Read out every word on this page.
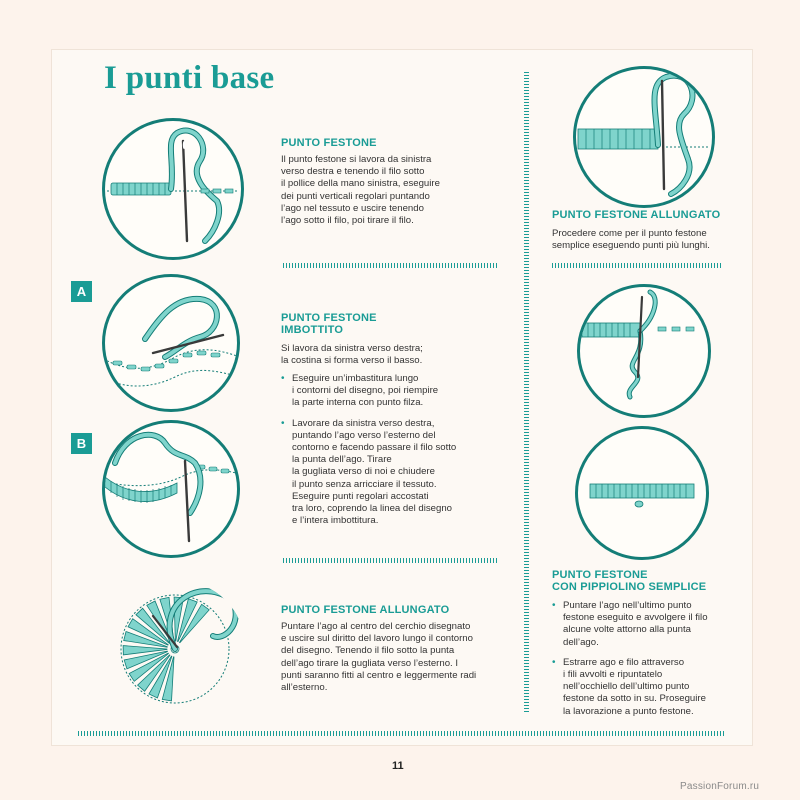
I punti base
PUNTO FESTONE
Il punto festone si lavora da sinistra
verso destra e tenendo il filo sotto
il pollice della mano sinistra, eseguire
dei punti verticali regolari puntando
l’ago nel tessuto e uscire tenendo
l’ago sotto il filo, poi tirare il filo.
A
PUNTO FESTONE
IMBOTTITO
Si lavora da sinistra verso destra;
la costina si forma verso il basso.
• Eseguire un’imbastitura lungo
i contorni del disegno, poi riempire
la parte interna con punto filza.
• Lavorare da sinistra verso destra,
puntando l’ago verso l’esterno del
contorno e facendo passare il filo sotto
la punta dell’ago. Tirare
la gugliata verso di noi e chiudere
il punto senza arricciare il tessuto.
Eseguire punti regolari accostati
tra loro, coprendo la linea del disegno
e l’intera imbottitura.
B
PUNTO FESTONE ALLUNGATO
Puntare l’ago al centro del cerchio disegnato
e uscire sul diritto del lavoro lungo il contorno
del disegno. Tenendo il filo sotto la punta
dell’ago tirare la gugliata verso l’esterno. I
punti saranno fitti al centro e leggermente radi
all’esterno.
PUNTO FESTONE ALLUNGATO
Procedere come per il punto festone
semplice eseguendo punti più lunghi.
PUNTO FESTONE
CON PIPPIOLINO SEMPLICE
• Puntare l’ago nell’ultimo punto
festone eseguito e avvolgere il filo
alcune volte attorno alla punta
dell’ago.
• Estrarre ago e filo attraverso
i fili avvolti e ripuntatelo
nell’occhiello dell’ultimo punto
festone da sotto in su. Proseguire
la lavorazione a punto festone.
11
PassionForum.ru
